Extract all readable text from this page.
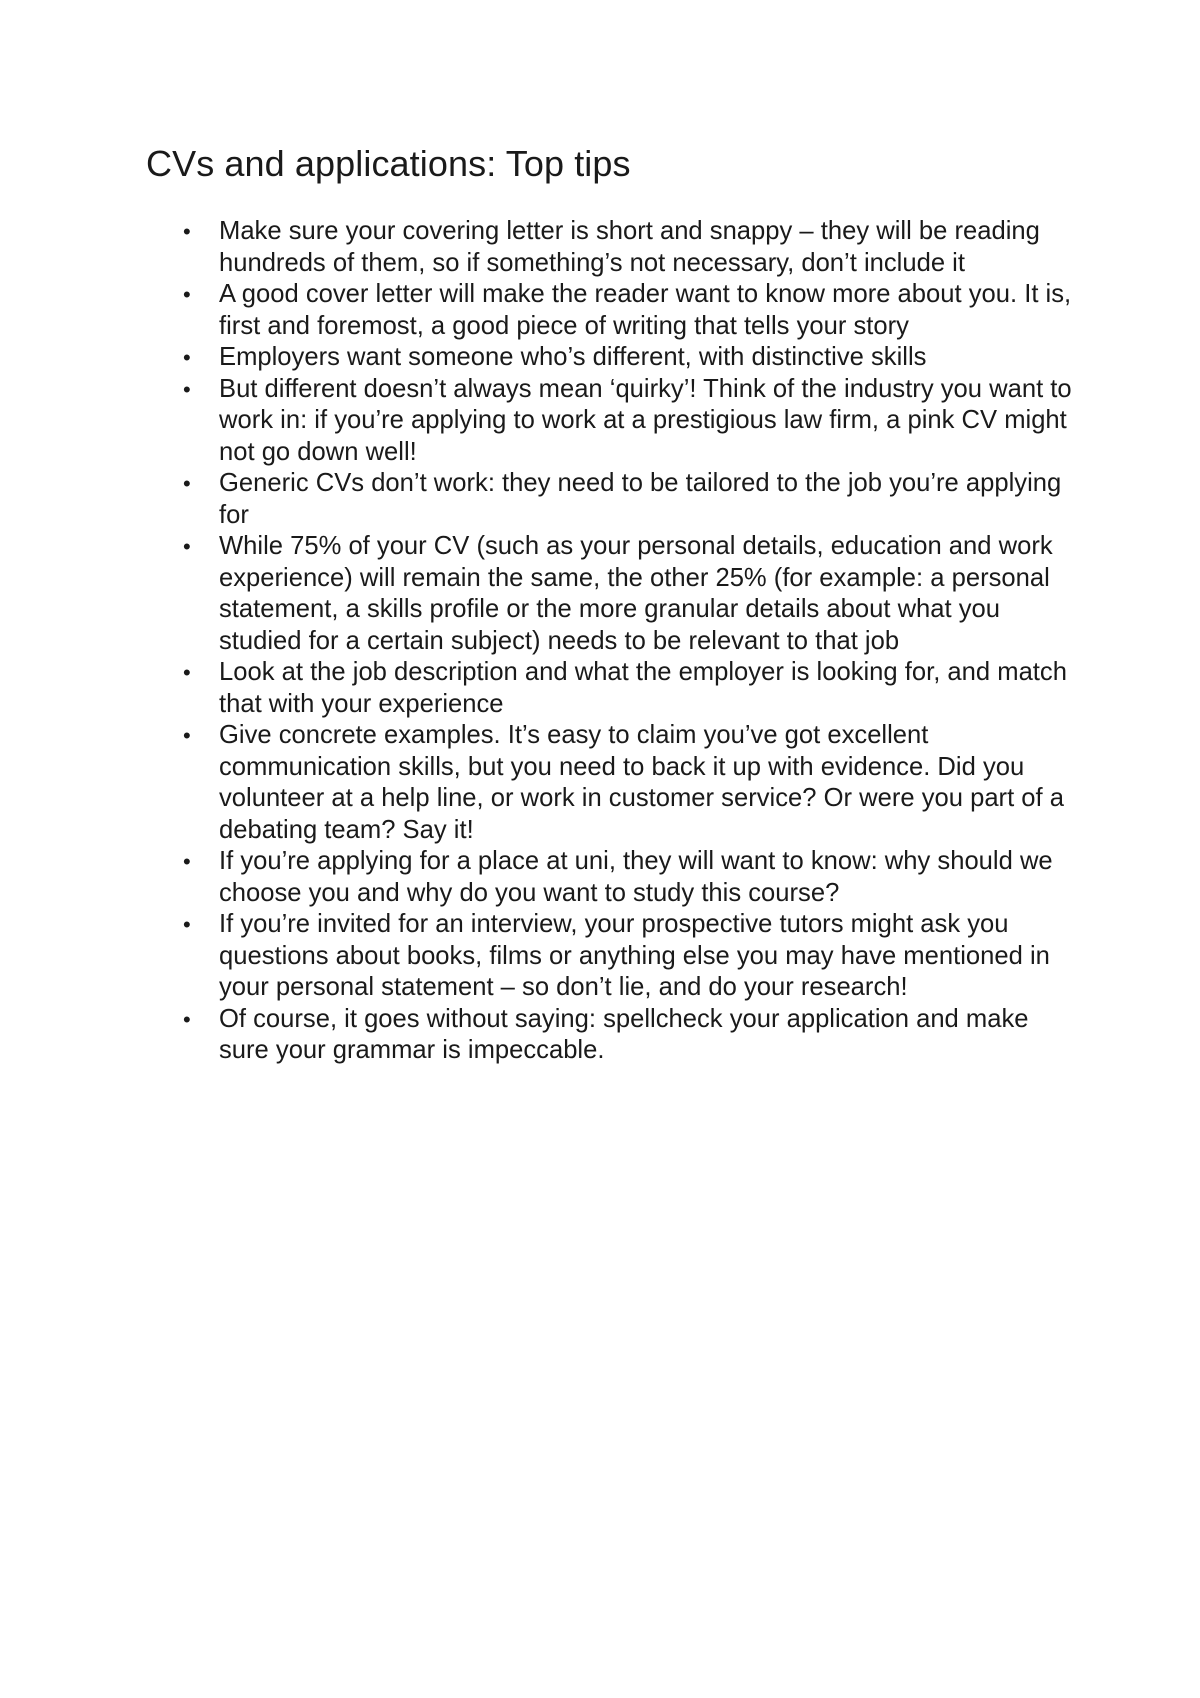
CVs and applications: Top tips
• Make sure your covering letter is short and snappy – they will be reading hundreds of them, so if something’s not necessary, don’t include it
• A good cover letter will make the reader want to know more about you. It is, first and foremost, a good piece of writing that tells your story
• Employers want someone who’s different, with distinctive skills
• But different doesn’t always mean ‘quirky’! Think of the industry you want to work in: if you’re applying to work at a prestigious law firm, a pink CV might not go down well!
• Generic CVs don’t work: they need to be tailored to the job you’re applying for
• While 75% of your CV (such as your personal details, education and work experience) will remain the same, the other 25% (for example: a personal statement, a skills profile or the more granular details about what you studied for a certain subject) needs to be relevant to that job
• Look at the job description and what the employer is looking for, and match that with your experience
• Give concrete examples. It’s easy to claim you’ve got excellent communication skills, but you need to back it up with evidence. Did you volunteer at a help line, or work in customer service? Or were you part of a debating team? Say it!
• If you’re applying for a place at uni, they will want to know: why should we choose you and why do you want to study this course?
• If you’re invited for an interview, your prospective tutors might ask you questions about books, films or anything else you may have mentioned in your personal statement – so don’t lie, and do your research!
• Of course, it goes without saying: spellcheck your application and make sure your grammar is impeccable.
